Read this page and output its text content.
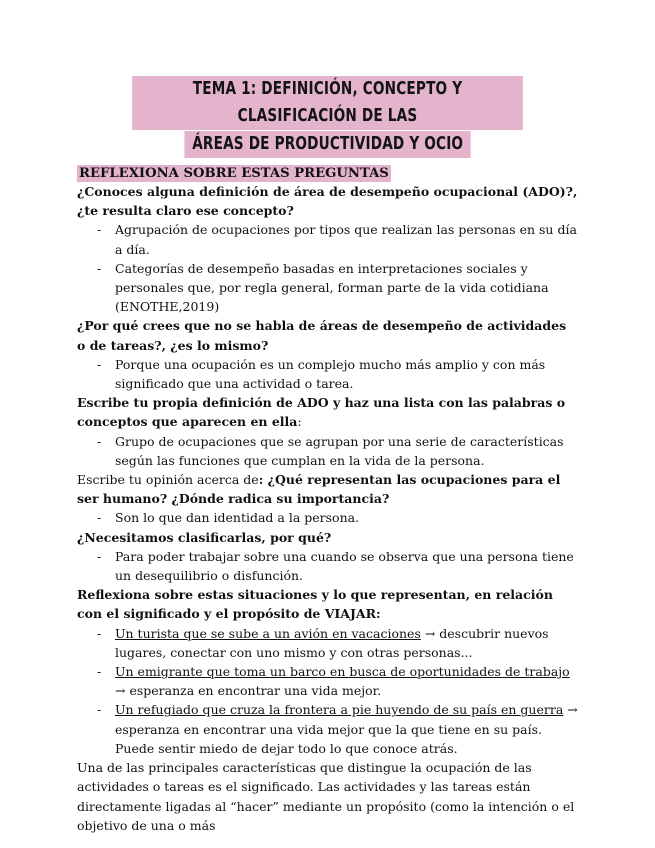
TEMA 1: DEFINICIÓN, CONCEPTO Y CLASIFICACIÓN DE LAS
ÁREAS DE PRODUCTIVIDAD Y OCIO
REFLEXIONA SOBRE ESTAS PREGUNTAS

¿Conoces alguna definición de área de desempeño ocupacional (ADO)?, ¿te resulta claro ese concepto?

- Agrupación de ocupaciones por tipos que realizan las personas en su día a día.
- Categorías de desempeño basadas en interpretaciones sociales y personales que, por regla general, forman parte de la vida cotidiana (ENOTHE,2019)

¿Por qué crees que no se habla de áreas de desempeño de actividades o de tareas?, ¿es lo mismo?

- Porque una ocupación es un complejo mucho más amplio y con más significado que una actividad o tarea.

Escribe tu propia definición de ADO y haz una lista con las palabras o conceptos que aparecen en ella:

- Grupo de ocupaciones que se agrupan por una serie de características según las funciones que cumplan en la vida de la persona.

Escribe tu opinión acerca de: ¿Qué representan las ocupaciones para el ser humano? ¿Dónde radica su importancia?

- Son lo que dan identidad a la persona.

¿Necesitamos clasificarlas, por qué?

- Para poder trabajar sobre una cuando se observa que una persona tiene un desequilibrio o disfunción.

Reflexiona sobre estas situaciones y lo que representan, en relación con el significado y el propósito de VIAJAR:

- Un turista que se sube a un avión en vacaciones → descubrir nuevos lugares, conectar con uno mismo y con otras personas...
- Un emigrante que toma un barco en busca de oportunidades de trabajo → esperanza en encontrar una vida mejor.
- Un refugiado que cruza la frontera a pie huyendo de su país en guerra → esperanza en encontrar una vida mejor que la que tiene en su país. Puede sentir miedo de dejar todo lo que conoce atrás.

Una de las principales características que distingue la ocupación de las actividades o tareas es el significado. Las actividades y las tareas están directamente ligadas al “hacer” mediante un propósito (como la intención o el objetivo de una o más
